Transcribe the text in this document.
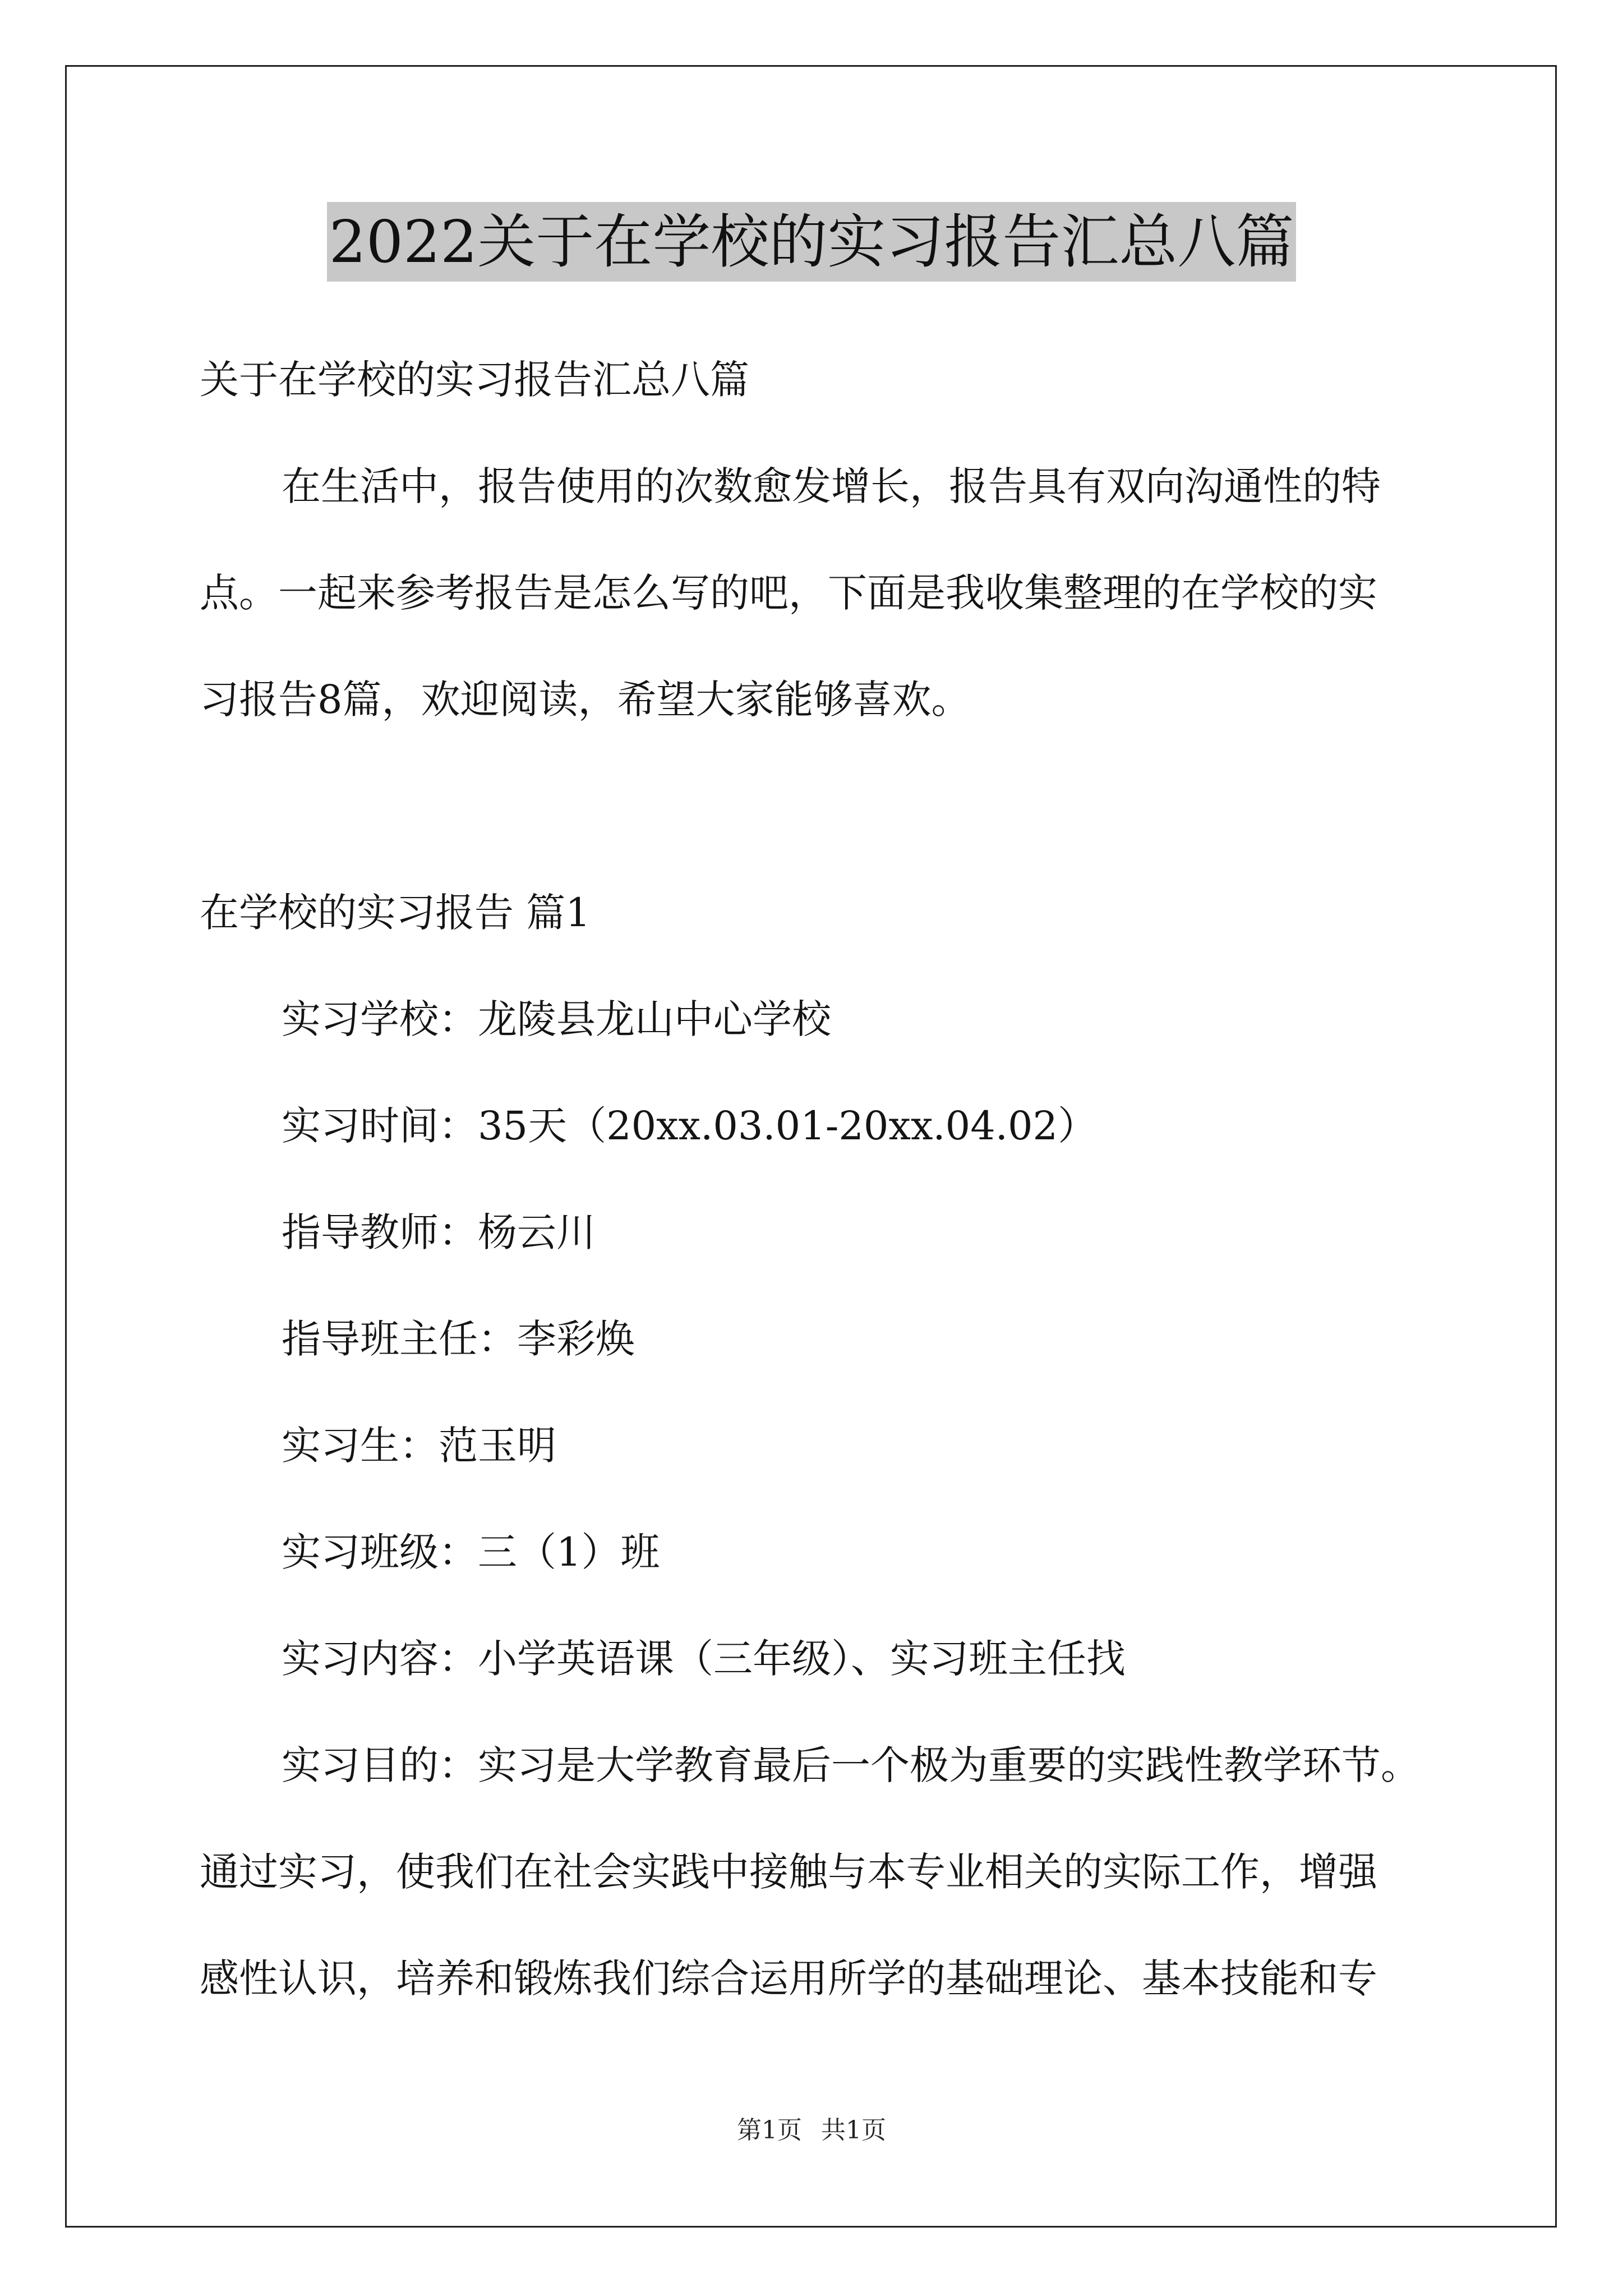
2022关于在学校的实习报告汇总八篇
关于在学校的实习报告汇总八篇
在生活中，报告使用的次数愈发增长，报告具有双向沟通性的特
点。一起来参考报告是怎么写的吧，下面是我收集整理的在学校的实
习报告8篇，欢迎阅读，希望大家能够喜欢。
在学校的实习报告 篇1
实习学校：龙陵县龙山中心学校
实习时间：35天（20xx.03.01-20xx.04.02）
指导教师：杨云川
指导班主任：李彩焕
实习生：范玉明
实习班级：三（1）班
实习内容：小学英语课（三年级）、实习班主任找
实习目的：实习是大学教育最后一个极为重要的实践性教学环节。
通过实习，使我们在社会实践中接触与本专业相关的实际工作，增强
感性认识，培养和锻炼我们综合运用所学的基础理论、基本技能和专
第1页 共1页
